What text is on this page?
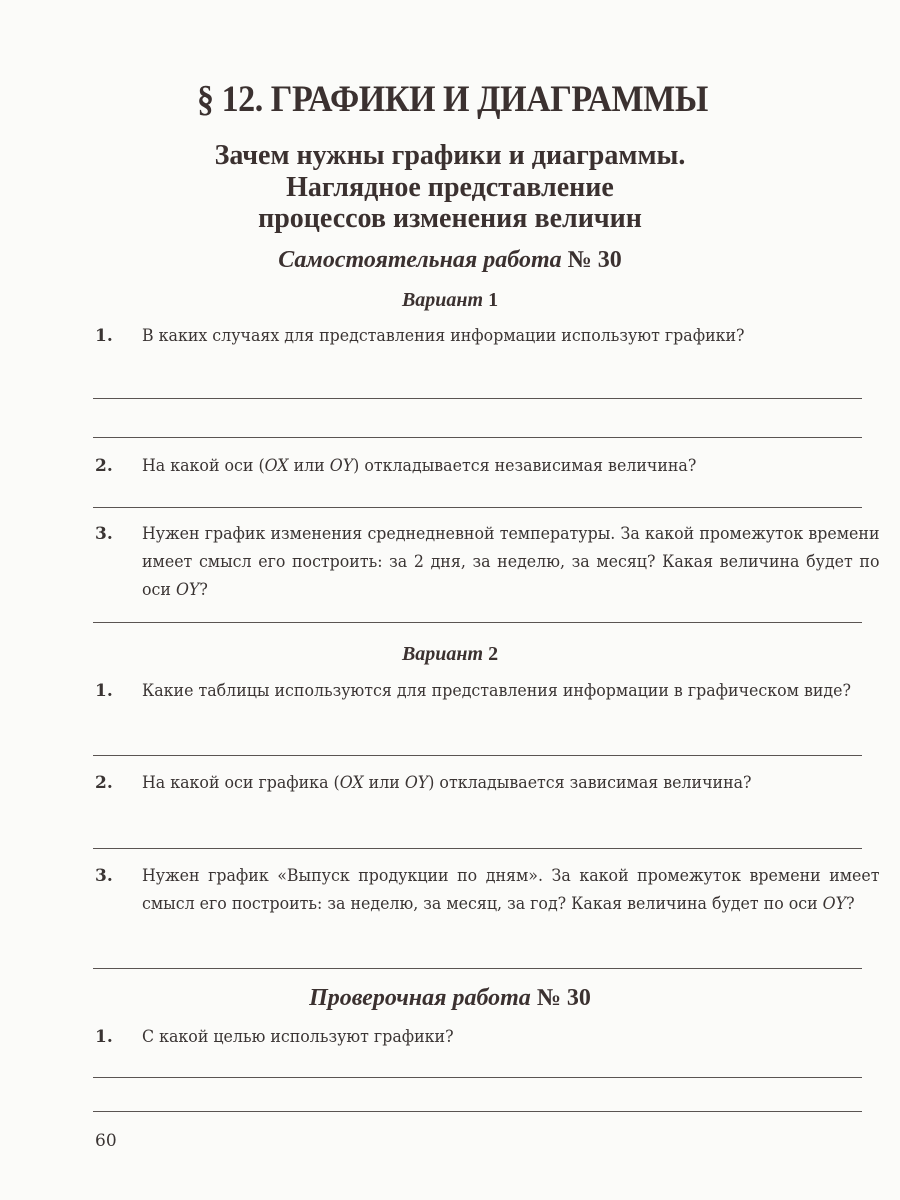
§ 12. ГРАФИКИ И ДИАГРАММЫ
Зачем нужны графики и диаграммы.
Наглядное представление
процессов изменения величин
Самостоятельная работа № 30
Вариант 1
1. В каких случаях для представления информации используют графики?
2. На какой оси (OX или OY) откладывается независимая величина?
3. Нужен график изменения среднедневной температуры. За какой промежуток времени имеет смысл его построить: за 2 дня, за неделю, за месяц? Какая величина будет по оси OY?
Вариант 2
1. Какие таблицы используются для представления информации в графическом виде?
2. На какой оси графика (OX или OY) откладывается зависимая величина?
3. Нужен график «Выпуск продукции по дням». За какой промежуток времени имеет смысл его построить: за неделю, за месяц, за год? Какая величина будет по оси OY?
Проверочная работа № 30
1. С какой целью используют графики?
60
